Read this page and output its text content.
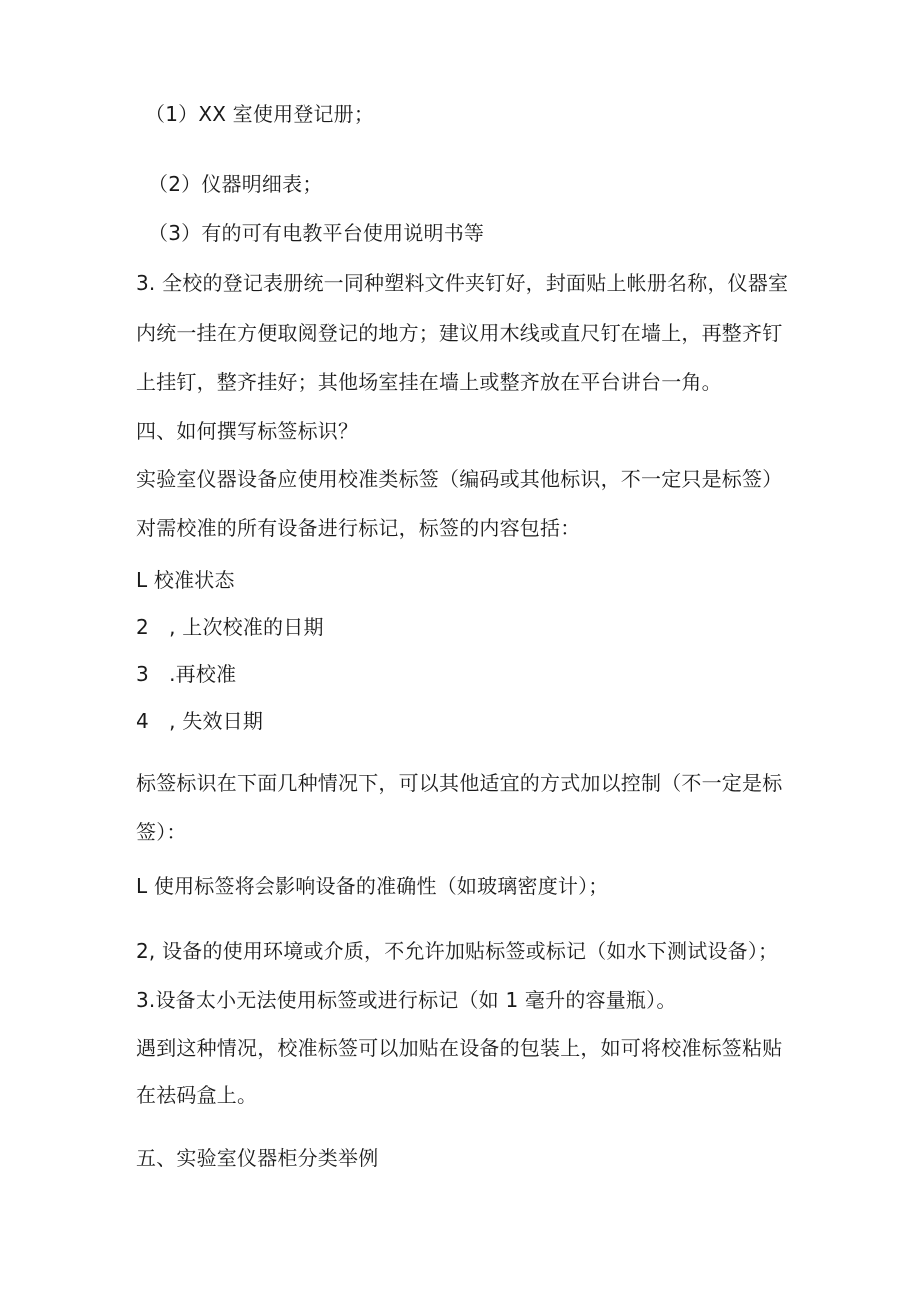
（1）XX 室使用登记册；

（2）仪器明细表；

（3）有的可有电教平台使用说明书等

3. 全校的登记表册统一同种塑料文件夹钉好，封面贴上帐册名称，仪器室

内统一挂在方便取阅登记的地方；建议用木线或直尺钉在墙上，再整齐钉

上挂钉，整齐挂好；其他场室挂在墙上或整齐放在平台讲台一角。

四、如何撰写标签标识？

实验室仪器设备应使用校准类标签（编码或其他标识，不一定只是标签）

对需校准的所有设备进行标记，标签的内容包括：

L 校准状态

2　, 上次校准的日期

3　.再校准

4　, 失效日期

标签标识在下面几种情况下，可以其他适宜的方式加以控制（不一定是标

签）：

L 使用标签将会影响设备的准确性（如玻璃密度计）；

2, 设备的使用环境或介质，不允许加贴标签或标记（如水下测试设备）；

3.设备太小无法使用标签或进行标记（如 1 毫升的容量瓶）。

遇到这种情况，校准标签可以加贴在设备的包装上，如可将校准标签粘贴

在祛码盒上。

五、实验室仪器柜分类举例
